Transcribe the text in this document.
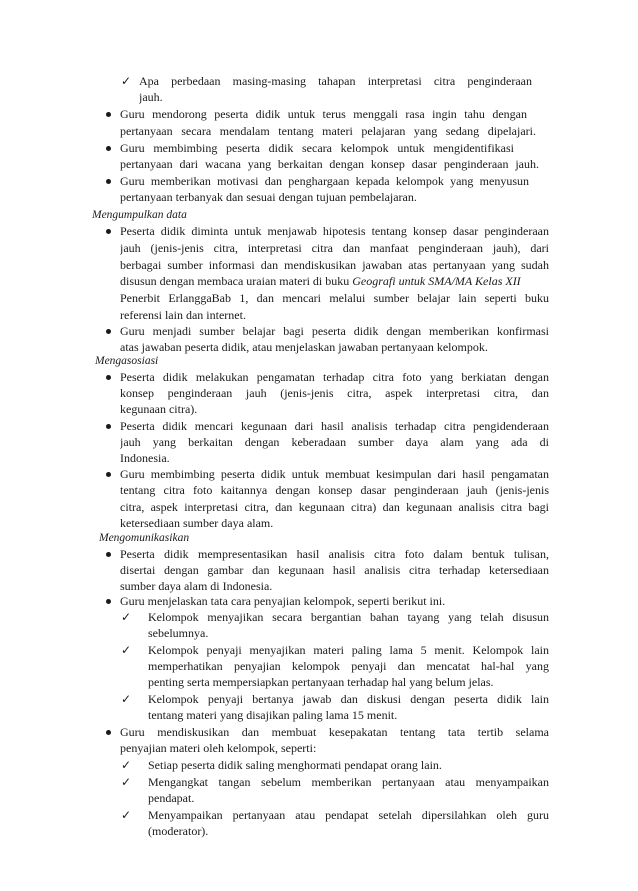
✓ Apa perbedaan masing-masing tahapan interpretasi citra penginderaan
jauh.
Guru mendorong peserta didik untuk terus menggali rasa ingin tahu dengan
pertanyaan secara mendalam tentang materi pelajaran yang sedang dipelajari.
Guru membimbing peserta didik secara kelompok untuk mengidentifikasi
pertanyaan dari wacana yang berkaitan dengan konsep dasar penginderaan jauh.
Guru memberikan motivasi dan penghargaan kepada kelompok yang menyusun
pertanyaan terbanyak dan sesuai dengan tujuan pembelajaran.
Mengumpulkan data
Peserta didik diminta untuk menjawab hipotesis tentang konsep dasar penginderaan
jauh (jenis-jenis citra, interpretasi citra dan manfaat penginderaan jauh), dari
berbagai sumber informasi dan mendiskusikan jawaban atas pertanyaan yang sudah
disusun dengan membaca uraian materi di buku Geografi untuk SMA/MA Kelas XII
Penerbit ErlanggaBab 1, dan mencari melalui sumber belajar lain seperti buku
referensi lain dan internet.
Guru menjadi sumber belajar bagi peserta didik dengan memberikan konfirmasi
atas jawaban peserta didik, atau menjelaskan jawaban pertanyaan kelompok.
Mengasosiasi
Peserta didik melakukan pengamatan terhadap citra foto yang berkiatan dengan
konsep penginderaan jauh (jenis-jenis citra, aspek interpretasi citra, dan
kegunaan citra).
Peserta didik mencari kegunaan dari hasil analisis terhadap citra pengidenderaan
jauh yang berkaitan dengan keberadaan sumber daya alam yang ada di
Indonesia.
Guru membimbing peserta didik untuk membuat kesimpulan dari hasil pengamatan
tentang citra foto kaitannya dengan konsep dasar penginderaan jauh (jenis-jenis
citra, aspek interpretasi citra, dan kegunaan citra) dan kegunaan analisis citra bagi
ketersediaan sumber daya alam.
Mengomunikasikan
Peserta didik mempresentasikan hasil analisis citra foto dalam bentuk tulisan,
disertai dengan gambar dan kegunaan hasil analisis citra terhadap ketersediaan
sumber daya alam di Indonesia.
Guru menjelaskan tata cara penyajian kelompok, seperti berikut ini.
✓ Kelompok menyajikan secara bergantian bahan tayang yang telah disusun
sebelumnya.
✓ Kelompok penyaji menyajikan materi paling lama 5 menit. Kelompok lain
memperhatikan penyajian kelompok penyaji dan mencatat hal-hal yang
penting serta mempersiapkan pertanyaan terhadap hal yang belum jelas.
✓ Kelompok penyaji bertanya jawab dan diskusi dengan peserta didik lain
tentang materi yang disajikan paling lama 15 menit.
Guru mendiskusikan dan membuat kesepakatan tentang tata tertib selama
penyajian materi oleh kelompok, seperti:
✓ Setiap peserta didik saling menghormati pendapat orang lain.
✓ Mengangkat tangan sebelum memberikan pertanyaan atau menyampaikan
pendapat.
✓ Menyampaikan pertanyaan atau pendapat setelah dipersilahkan oleh guru
(moderator).
